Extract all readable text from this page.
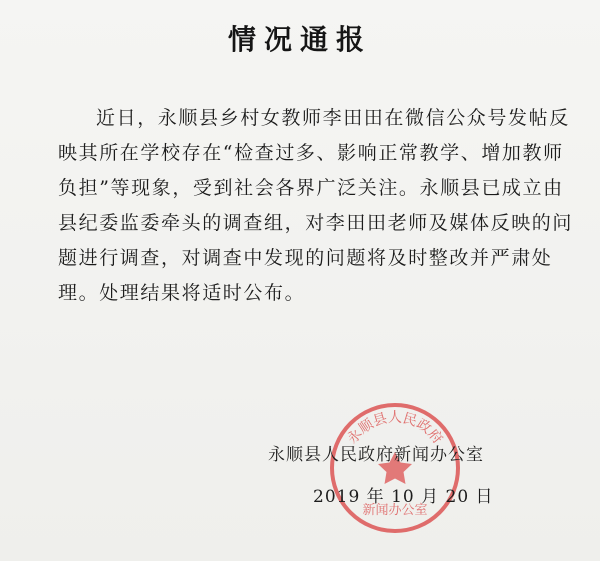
情况通报

近日，永顺县乡村女教师李田田在微信公众号发帖反映其所在学校存在“检查过多、影响正常教学、增加教师负担”等现象，受到社会各界广泛关注。永顺县已成立由县纪委监委牵头的调查组，对李田田老师及媒体反映的问题进行调查，对调查中发现的问题将及时整改并严肃处理。处理结果将适时公布。

永顺县人民政府
新闻办公室
永顺县人民政府新闻办公室
2019 年 10 月 20 日
